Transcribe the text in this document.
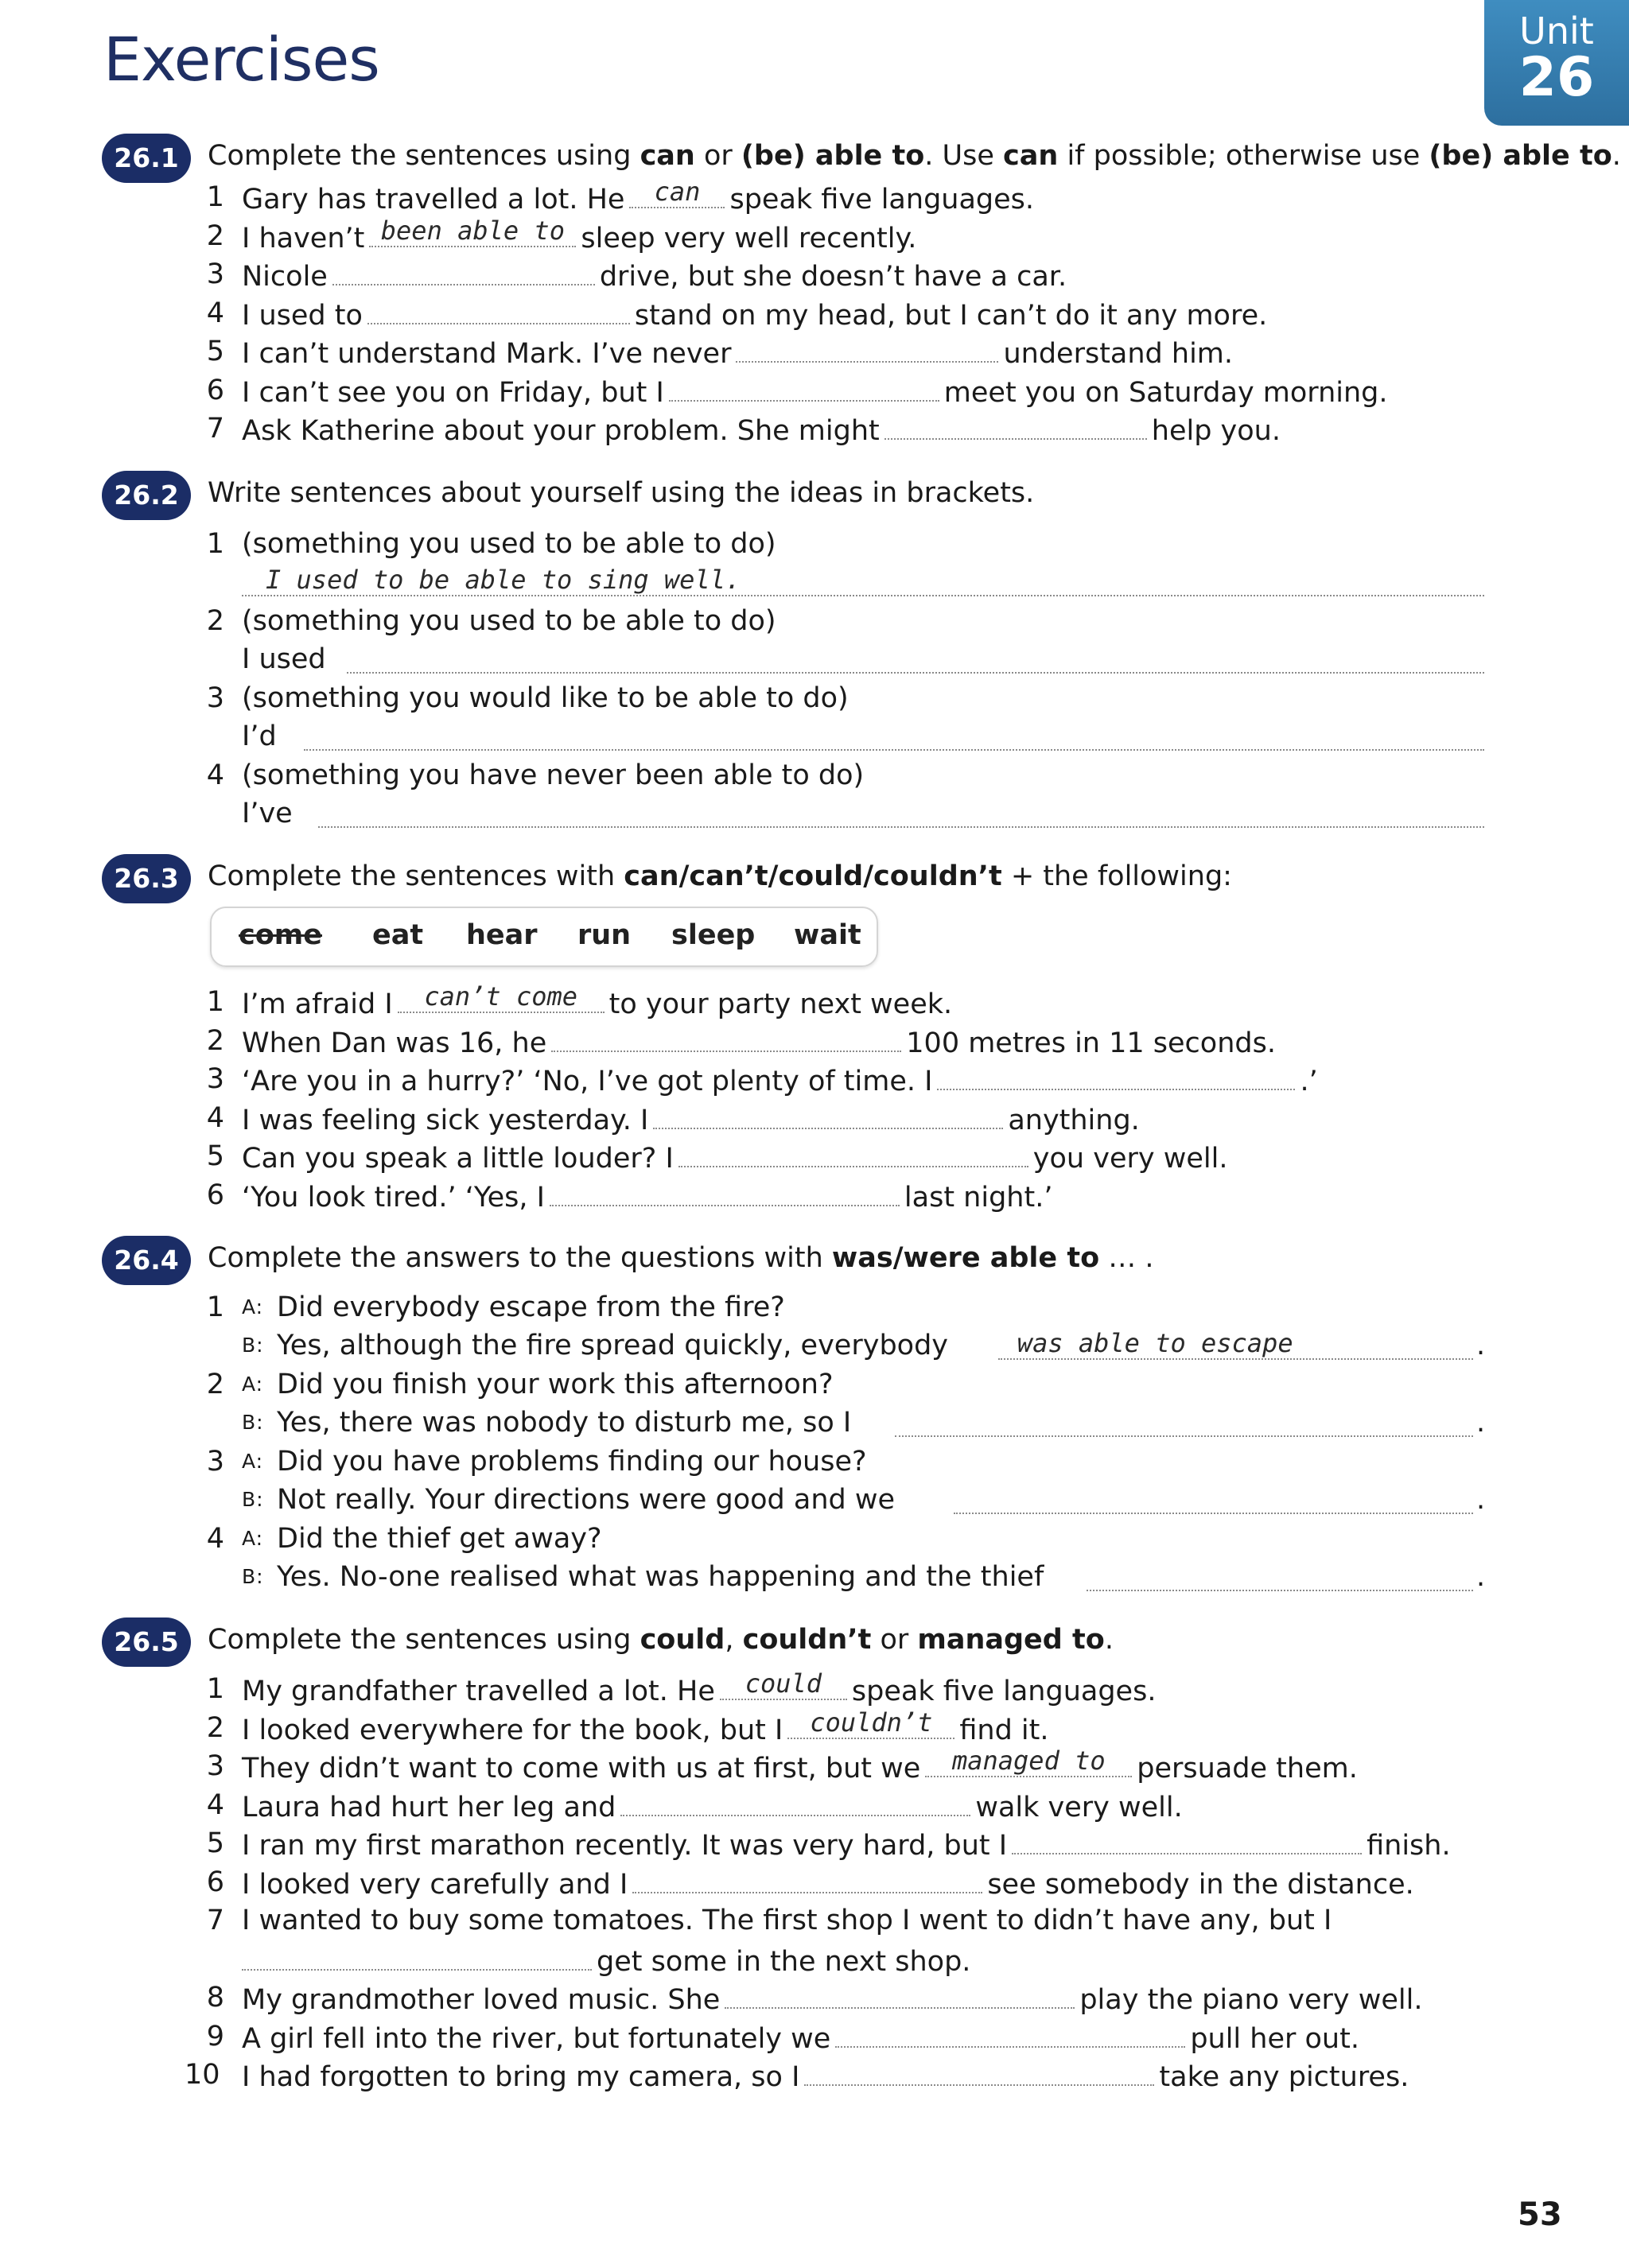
Exercises	Unit
26
26.1	Complete the sentences using can or (be) able to. Use can if possible; otherwise use (be) able to.
1 Gary has travelled a lot. He	can	speak five languages.
2 I haven’t been able to sleep very well recently.
3 Nicole	drive, but she doesn’t have a car.
4 I used to	stand on my head, but I can’t do it any more.
5 I can’t understand Mark. I’ve never	understand him.
6 I can’t see you on Friday, but I	meet you on Saturday morning.
7 Ask Katherine about your problem. She might	help you.
26.2	Write sentences about yourself using the ideas in brackets.
1 (something you used to be able to do)
I used to be able to sing well.
2 (something you used to be able to do)
I used
3 (something you would like to be able to do)
I’d
4 (something you have never been able to do)
I’ve
26.3	Complete the sentences with can/can’t/could/couldn’t + the following:
come eat hear run sleep wait
1 I’m afraid I	can’t come	to your party next week.
2 When Dan was 16, he	100 metres in 11 seconds.
3 ‘Are you in a hurry?’ ‘No, I’ve got plenty of time. I	.’
4 I was feeling sick yesterday. I	anything.
5 Can you speak a little louder? I	you very well.
6 ‘You look tired.’ ‘Yes, I	last night.’
26.4	Complete the answers to the questions with was/were able to … .
1 A: Did everybody escape from the fire?
B: Yes, although the fire spread quickly, everybody	.
was able to escape
2 A: Did you finish your work this afternoon?
B: Yes, there was nobody to disturb me, so I	.
3 A: Did you have problems finding our house?
B: Not really. Your directions were good and we	.
4 A: Did the thief get away?
B: Yes. No-one realised what was happening and the thief	.
26.5	Complete the sentences using could, couldn’t or managed to.
1 My grandfather travelled a lot. He	could	speak five languages.
2 I looked everywhere for the book, but I	couldn’t find it.
3 They didn’t want to come with us at first, but we	managed to	persuade them.
4 Laura had hurt her leg and	walk very well.
5 I ran my first marathon recently. It was very hard, but I	finish.
6 I looked very carefully and I	see somebody in the distance.
7 I wanted to buy some tomatoes. The first shop I went to didn’t have any, but I
get some in the next shop.
8 My grandmother loved music. She	play the piano very well.
9 A girl fell into the river, but fortunately we	pull her out.
10 I had forgotten to bring my camera, so I	take any pictures.
53
